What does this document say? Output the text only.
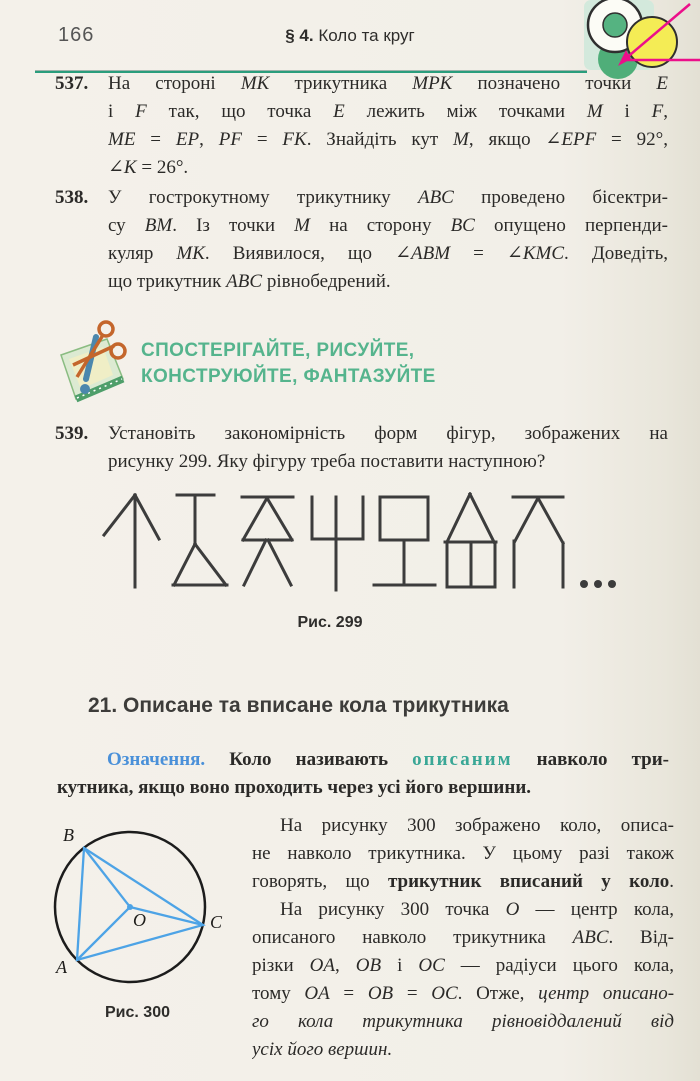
166	§ 4. Коло та круг
537.	На стороні MK трикутника MPK позначено точки E
і F так, що точка E лежить між точками M і F,
ME = EP, PF = FK. Знайдіть кут M, якщо ∠EPF = 92°,
∠K = 26°.
538.	У гострокутному трикутнику ABC проведено бісектри-
су BM. Із точки M на сторону BC опущено перпенди-
куляр MK. Виявилося, що ∠ABM = ∠KMC. Доведіть,
що трикутник ABC рівнобедрений.
СПОСТЕРІГАЙТЕ, РИСУЙТЕ,
КОНСТРУЮЙТЕ, ФАНТАЗУЙТЕ
539.	Установіть закономірність форм фігур, зображених на
рисунку 299. Яку фігуру треба поставити наступною?
Рис. 299
21. Описане та вписане кола трикутника
Означення. Коло називають описаним навколо три-
кутника, якщо воно проходить через усі його вершини.
B
C
A
O
Рис. 300
На рисунку 300 зображено коло, описа-
не навколо трикутника. У цьому разі також
говорять, що трикутник вписаний у коло.
На рисунку 300 точка O — центр кола,
описаного навколо трикутника ABC. Від-
різки OA, OB і OC — радіуси цього кола,
тому OA = OB = OC. Отже, центр описано-
го кола трикутника рівновіддалений від
усіх його вершин.
